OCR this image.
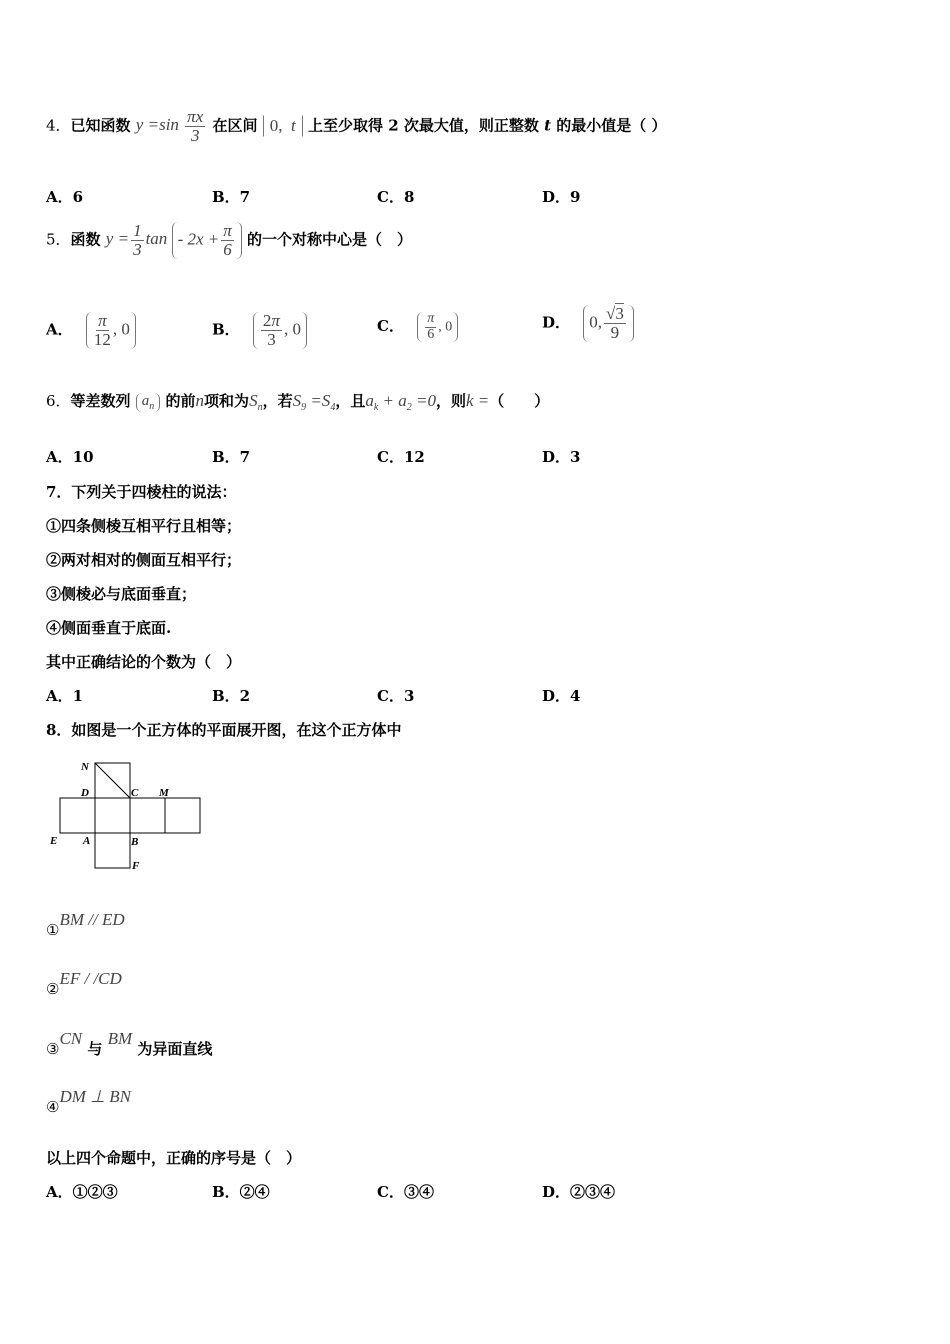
4．已知函数 $y =\sin \frac{\pi x}{3}$ 在区间 0,  t 上至少取得 2 次最大值，则正整数 t 的最小值是（ ）
A．6	B．7	C．8	D．9
5．函数 $y = \frac{1}{3}$ $\tan - 2x + \frac{\pi}{6}$ 的一个对称中心是（　）
A． $\frac{\pi}{12}$ , 0	B． $\frac{2\pi}{3}$ , 0	C． $\frac{\pi}{6}$ , 0	D． 0, $\frac{√3}{9}$
6．等差数列 $a_n$ 的前n项和为$S_n$，若$S_9 =S_4$，且$a_k + a_2 =0$，则k =（　　）
A．10	B．7	C．12	D．3
7．下列关于四棱柱的说法：
①四条侧棱互相平行且相等；
②两对相对的侧面互相平行；
③侧棱必与底面垂直；
④侧面垂直于底面.
其中正确结论的个数为（　）
A．1	B．2	C．3	D．4
8．如图是一个正方体的平面展开图，在这个正方体中
N
D	C M
E A	B
F
①BM // ED
②EF / /CD
③CN 与 BM 为异面直线
④DM ⊥ BN
以上四个命题中，正确的序号是（　）
A．①②③	B．②④	C．③④	D．②③④
